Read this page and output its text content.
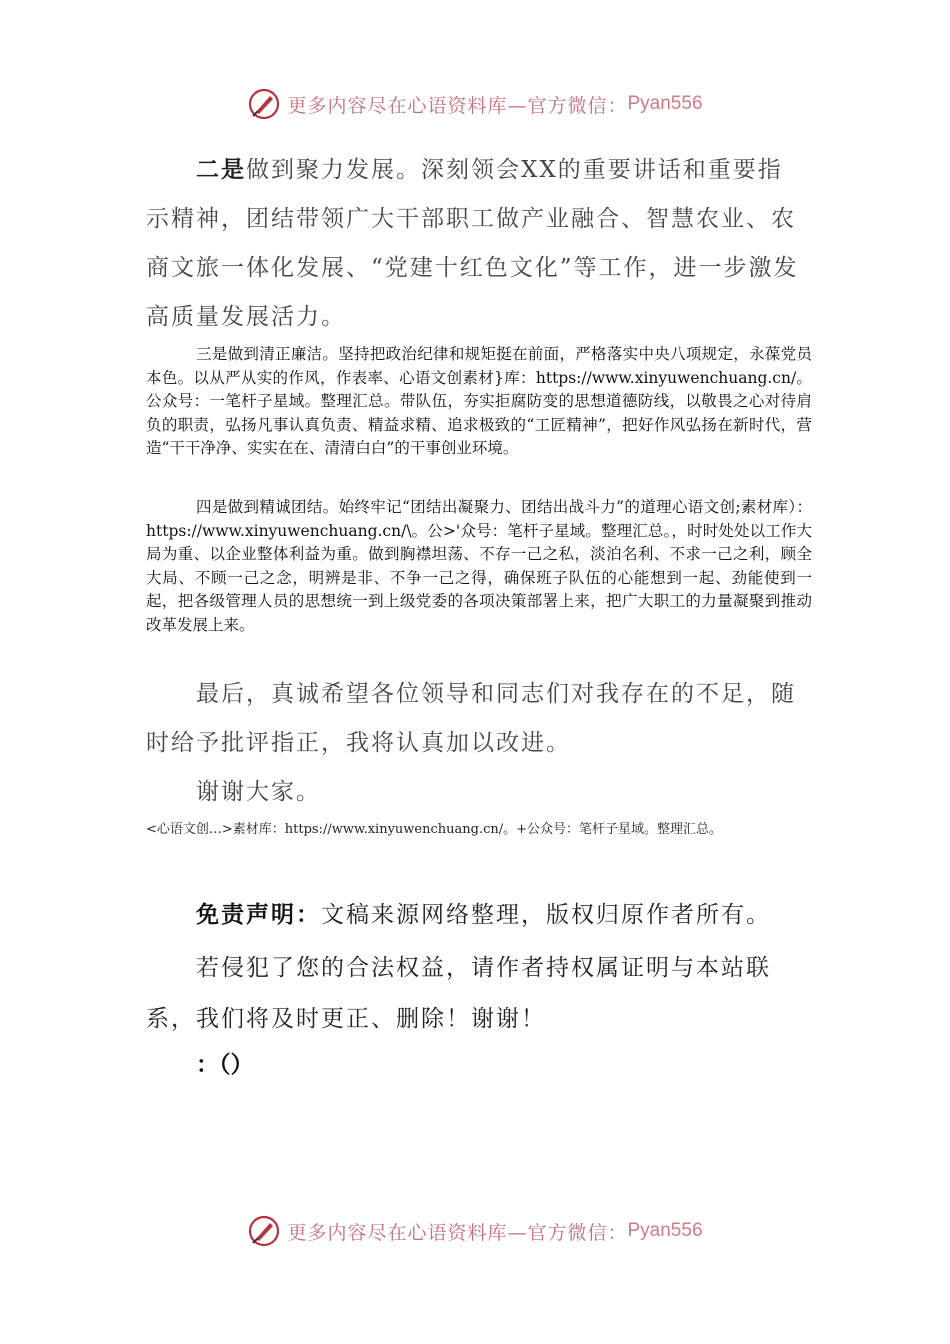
更多内容尽在心语资料库—官方微信： Pyan556

二是做到聚力发展。深刻领会XX的重要讲话和重要指示精神，团结带领广大干部职工做产业融合、智慧农业、农商文旅一体化发展、“党建十红色文化”等工作，进一步激发高质量发展活力。

三是做到清正廉洁。坚持把政治纪律和规矩挺在前面，严格落实中央八项规定，永葆党员本色。以从严从实的作风，作表率、心语文创素材}库：https://www.xinyuwenchuang.cn/。公众号：一笔杆子星域。整理汇总。带队伍，夯实拒腐防变的思想道德防线，以敬畏之心对待肩负的职责，弘扬凡事认真负责、精益求精、追求极致的“工匠精神”，把好作风弘扬在新时代，营造“干干净净、实实在在、清清白白”的干事创业环境。

四是做到精诚团结。始终牢记“团结出凝聚力、团结出战斗力”的道理心语文创;素材库）：https://www.xinyuwenchuang.cn/\。公>'众号：笔杆子星域。整理汇总。，时时处处以工作大局为重、以企业整体利益为重。做到胸襟坦荡、不存一己之私，淡泊名利、不求一己之利，顾全大局、不顾一己之念，明辨是非、不争一己之得，确保班子队伍的心能想到一起、劲能使到一起，把各级管理人员的思想统一到上级党委的各项决策部署上来，把广大职工的力量凝聚到推动改革发展上来。

最后，真诚希望各位领导和同志们对我存在的不足，随时给予批评指正，我将认真加以改进。

谢谢大家。

<心语文创…>素材库：https://www.xinyuwenchuang.cn/。+公众号：笔杆子星域。整理汇总。

免责声明：文稿来源网络整理，版权归原作者所有。

若侵犯了您的合法权益，请作者持权属证明与本站联系，我们将及时更正、删除！谢谢！

：（）
更多内容尽在心语资料库—官方微信： Pyan556
